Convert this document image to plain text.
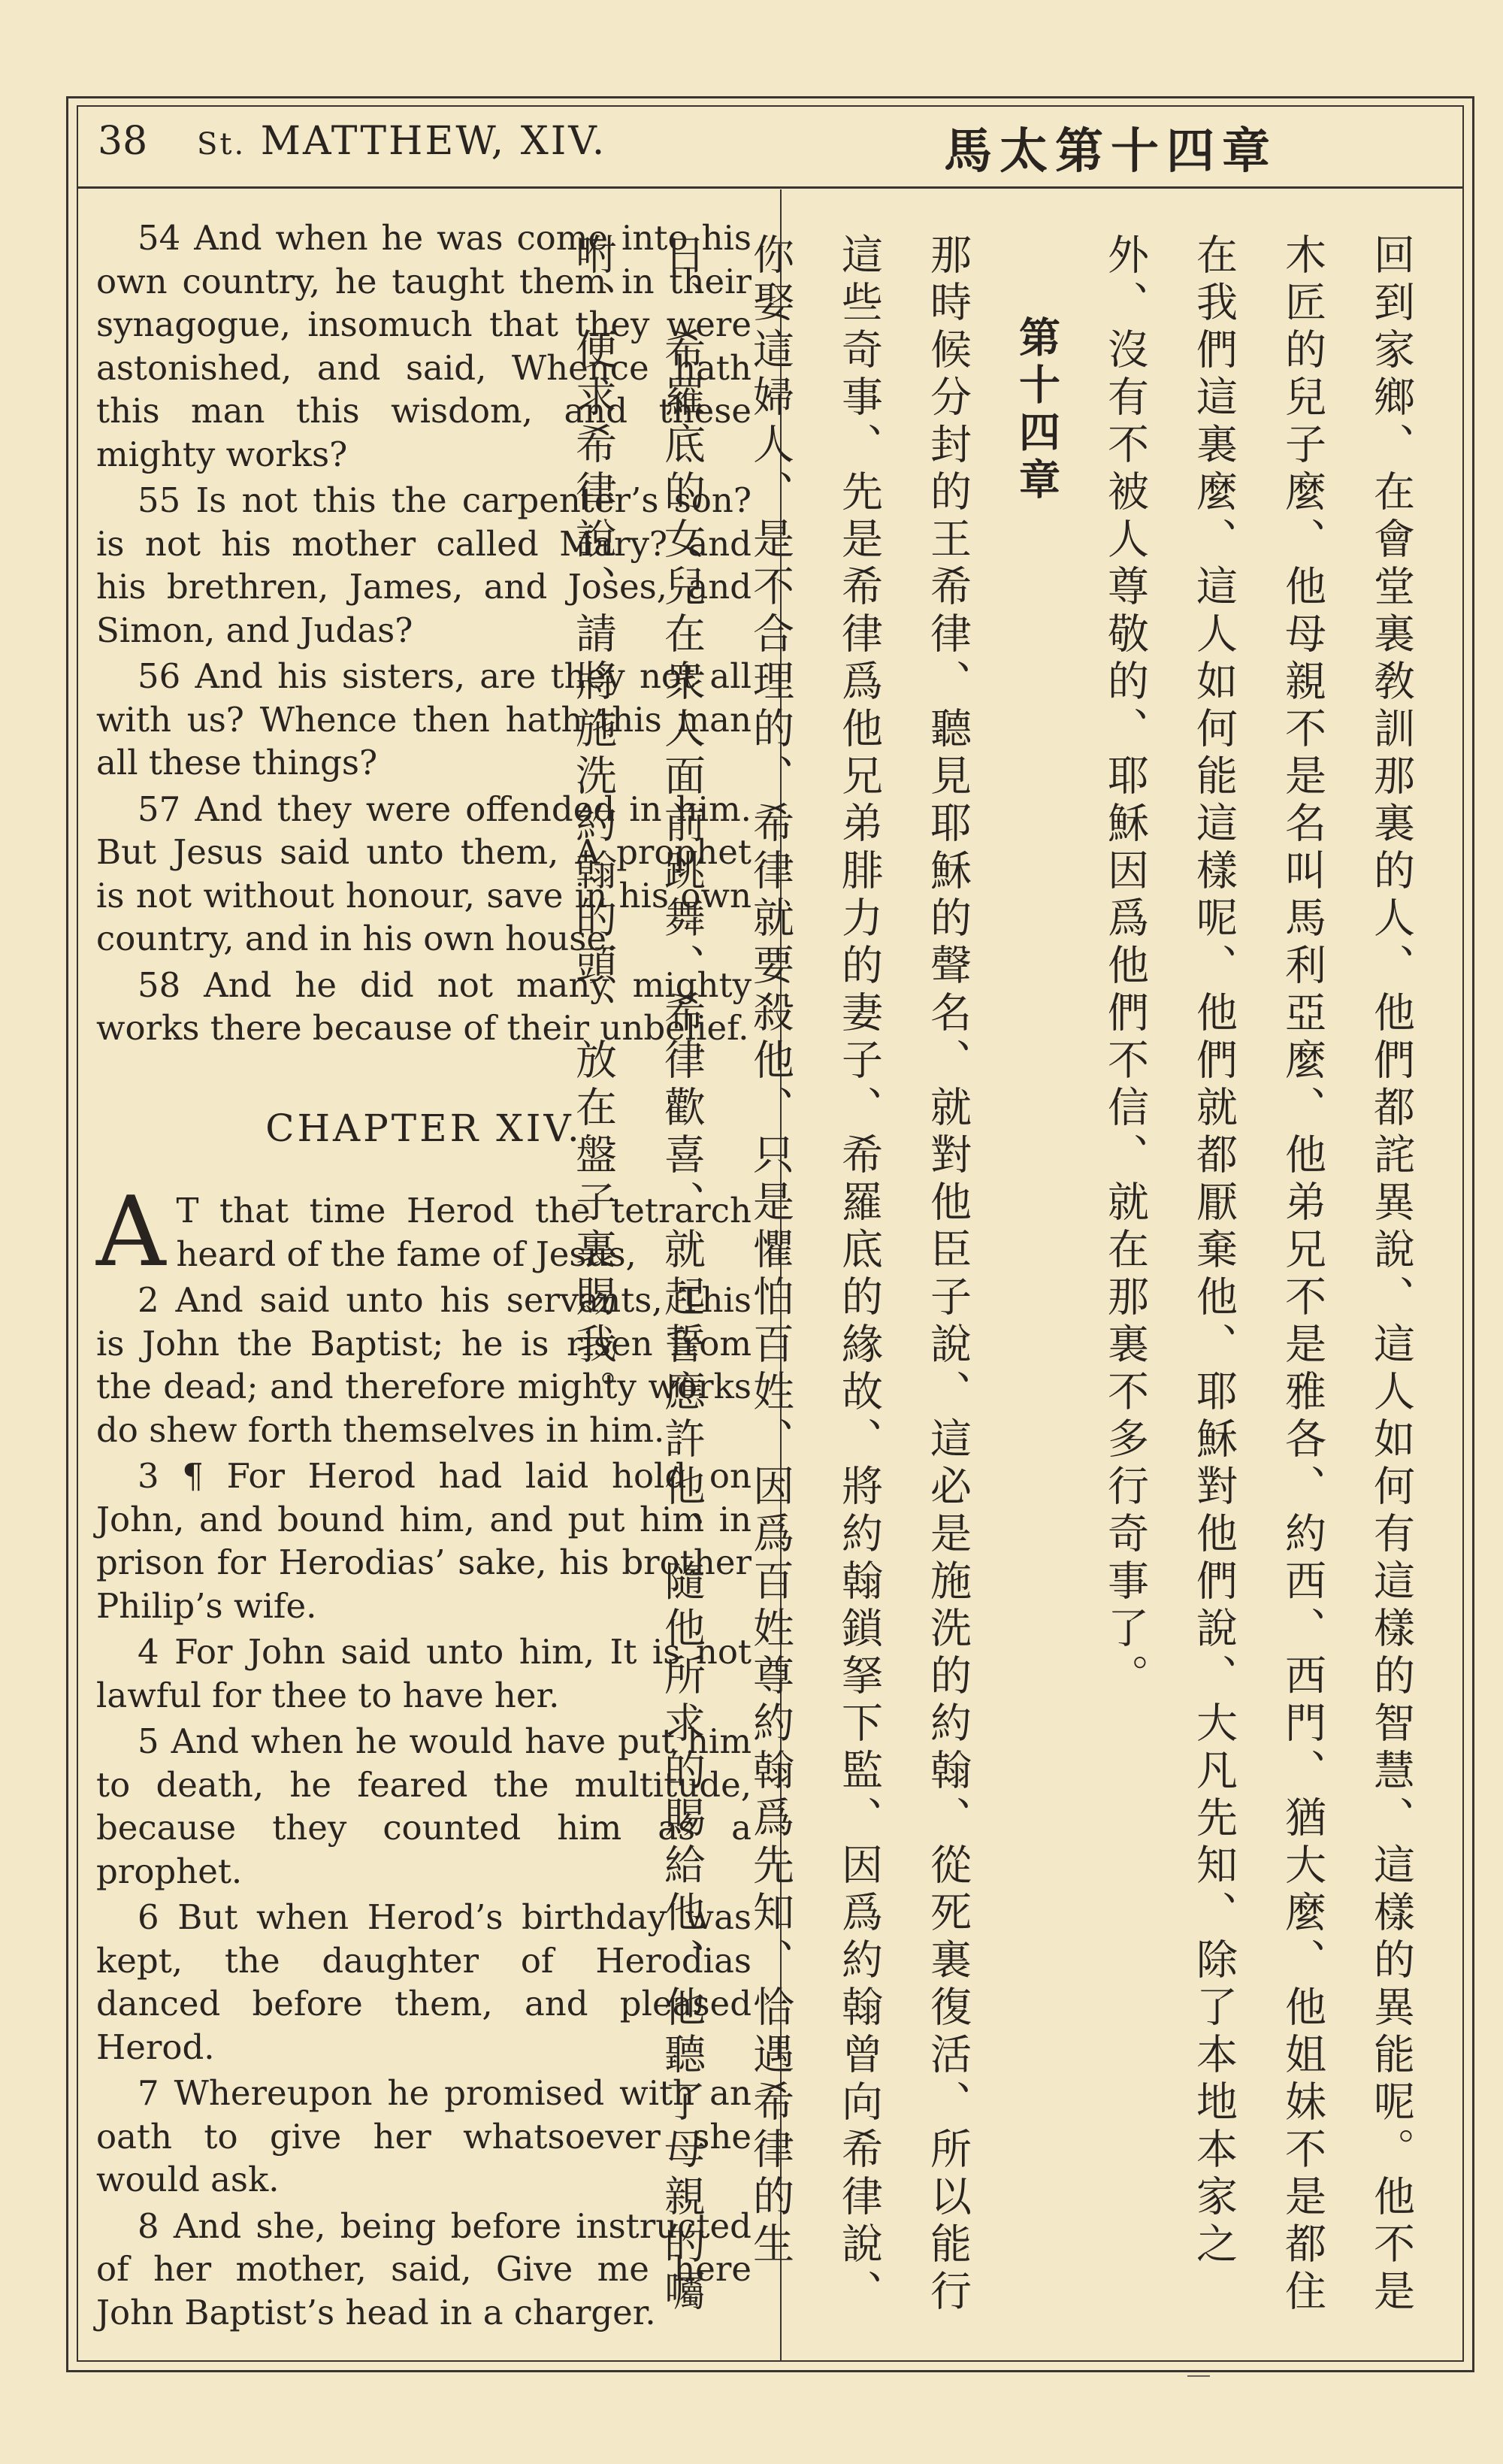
38 St. MATTHEW, XIV.	馬太第十四章

54 And when he was come into his own country, he taught them in their synagogue, insomuch that they were astonished, and said, Whence hath this man this wisdom, and these mighty works?

55 Is not this the carpenter’s son? is not his mother called Mary? and his brethren, James, and Joses, and Simon, and Judas?

56 And his sisters, are they not all with us? Whence then hath this man all these things?

57 And they were offended in him. But Jesus said unto them, A prophet is not without honour, save in his own country, and in his own house.

58 And he did not many mighty works there because of their unbelief.

CHAPTER XIV.

A T that time Herod the tetrarch heard of the fame of Jesus,

2 And said unto his servants, This is John the Baptist; he is risen from the dead; and therefore mighty works do shew forth themselves in him.

3 ¶ For Herod had laid hold on John, and bound him, and put him in prison for Herodias’ sake, his brother Philip’s wife.

4 For John said unto him, It is not lawful for thee to have her.

5 And when he would have put him to death, he feared the multitude, because they counted him as a prophet.

6 But when Herod’s birthday was kept, the daughter of Herodias danced before them, and pleased Herod.

7 Whereupon he promised with an oath to give her whatsoever she would ask.

8 And she, being before instructed of her mother, said, Give me here John Baptist’s head in a charger.	回到家鄉、在會堂裏敎訓那裏的人、他們都詫異說、這人如何有這樣的智慧、這樣的異能呢。他不是木匠的兒子麼、他母親不是名叫馬利亞麼、他弟兄不是雅各、約西、西門、猶大麼、他姐妹不是都住在我們這裏麼、這人如何能這樣呢、他們就都厭棄他、耶穌對他們說、大凡先知、除了本地本家之外、沒有不被人尊敬的、耶穌因爲他們不信、就在那裏不多行奇事了。

第十四章

那時候分封的王希律、聽見耶穌的聲名、就對他臣子說、這必是施洗的約翰、從死裏復活、所以能行這些奇事、先是希律爲他兄弟腓力的妻子、希羅底的緣故、將約翰鎖拏下監、因爲約翰曾向希律說、你娶這婦人、是不合理的、希律就要殺他、只是懼怕百姓、因爲百姓尊約翰爲先知、恰遇希律的生日、希羅底的女兒在衆人面前跳舞、希律歡喜、就起誓應許他、隨他所求的賜給他、他聽了母親的囑咐、便求希律說、請將施洗約翰的頭、放在盤子裏賜我。
